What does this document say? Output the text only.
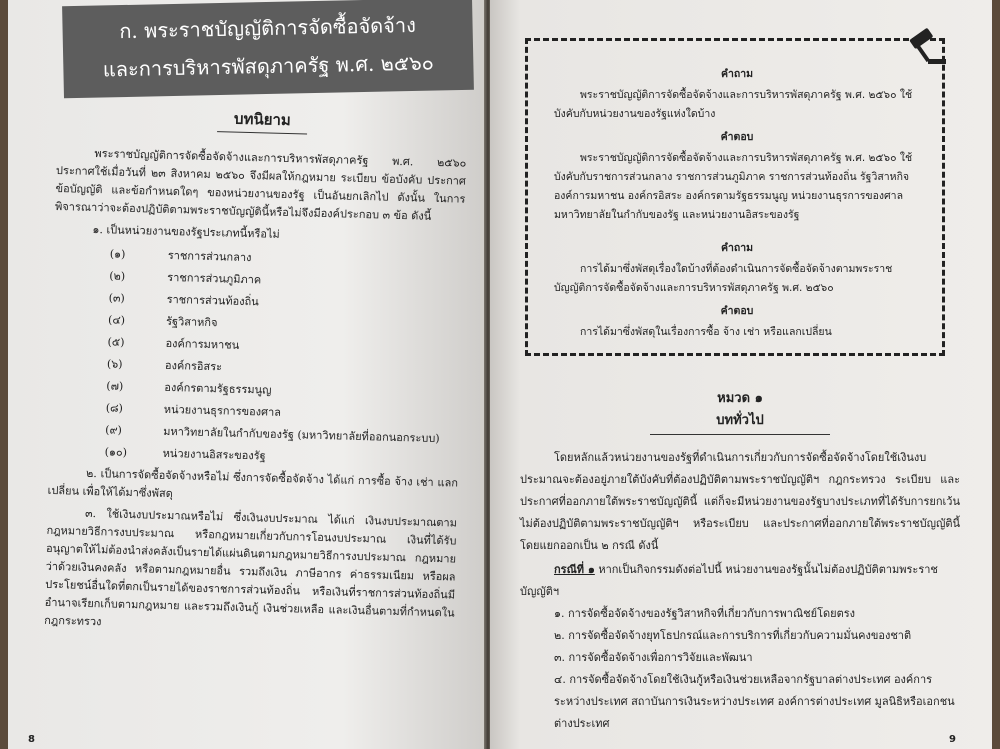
ก. พระราชบัญญัติการจัดซื้อจัดจ้าง
และการบริหารพัสดุภาครัฐ พ.ศ. ๒๕๖๐
บทนิยาม

พระราชบัญญัติการจัดซื้อจัดจ้างและการบริหารพัสดุภาครัฐ พ.ศ. ๒๕๖๐ ประกาศใช้เมื่อวันที่ ๒๓ สิงหาคม ๒๕๖๐ จึงมีผลให้กฎหมาย ระเบียบ ข้อบังคับ ประกาศ ข้อบัญญัติ และข้อกำหนดใดๆ ของหน่วยงานของรัฐ เป็นอันยกเลิกไป ดังนั้น ในการพิจารณาว่าจะต้องปฏิบัติตามพระราชบัญญัตินี้หรือไม่จึงมีองค์ประกอบ ๓ ข้อ ดังนี้

๑. เป็นหน่วยงานของรัฐประเภทนี้หรือไม่
(๑)	ราชการส่วนกลาง
(๒)	ราชการส่วนภูมิภาค
(๓)	ราชการส่วนท้องถิ่น
(๔)	รัฐวิสาหกิจ
(๕)	องค์การมหาชน
(๖)	องค์กรอิสระ
(๗)	องค์กรตามรัฐธรรมนูญ
(๘)	หน่วยงานธุรการของศาล
(๙)	มหาวิทยาลัยในกำกับของรัฐ (มหาวิทยาลัยที่ออกนอกระบบ)
(๑๐)	หน่วยงานอิสระของรัฐ

๒. เป็นการจัดซื้อจัดจ้างหรือไม่ ซึ่งการจัดซื้อจัดจ้าง ได้แก่ การซื้อ จ้าง เช่า แลกเปลี่ยน เพื่อให้ได้มาซึ่งพัสดุ

๓. ใช้เงินงบประมาณหรือไม่ ซึ่งเงินงบประมาณ ได้แก่ เงินงบประมาณตามกฎหมายวิธีการงบประมาณ หรือกฎหมายเกี่ยวกับการโอนงบประมาณ เงินที่ได้รับอนุญาตให้ไม่ต้องนำส่งคลังเป็นรายได้แผ่นดินตามกฎหมายวิธีการงบประมาณ กฎหมายว่าด้วยเงินคงคลัง หรือตามกฎหมายอื่น รวมถึงเงิน ภาษีอากร ค่าธรรมเนียม หรือผลประโยชน์อื่นใดที่ตกเป็นรายได้ของราชการส่วนท้องถิ่น หรือเงินที่ราชการส่วนท้องถิ่นมีอำนาจเรียกเก็บตามกฎหมาย และรวมถึงเงินกู้ เงินช่วยเหลือ และเงินอื่นตามที่กำหนดในกฎกระทรวง

8
คำถาม

พระราชบัญญัติการจัดซื้อจัดจ้างและการบริหารพัสดุภาครัฐ พ.ศ. ๒๕๖๐ ใช้บังคับกับหน่วยงานของรัฐแห่งใดบ้าง

คำตอบ

พระราชบัญญัติการจัดซื้อจัดจ้างและการบริหารพัสดุภาครัฐ พ.ศ. ๒๕๖๐ ใช้บังคับกับราชการส่วนกลาง ราชการส่วนภูมิภาค ราชการส่วนท้องถิ่น รัฐวิสาหกิจ องค์การมหาชน องค์กรอิสระ องค์กรตามรัฐธรรมนูญ หน่วยงานธุรการของศาล มหาวิทยาลัยในกำกับของรัฐ และหน่วยงานอิสระของรัฐ

คำถาม

การได้มาซึ่งพัสดุเรื่องใดบ้างที่ต้องดำเนินการจัดซื้อจัดจ้างตามพระราชบัญญัติการจัดซื้อจัดจ้างและการบริหารพัสดุภาครัฐ พ.ศ. ๒๕๖๐

คำตอบ

การได้มาซึ่งพัสดุในเรื่องการซื้อ จ้าง เช่า หรือแลกเปลี่ยน

หมวด ๑
บททั่วไป

โดยหลักแล้วหน่วยงานของรัฐที่ดำเนินการเกี่ยวกับการจัดซื้อจัดจ้างโดยใช้เงินงบประมาณจะต้องอยู่ภายใต้บังคับที่ต้องปฏิบัติตามพระราชบัญญัติฯ กฎกระทรวง ระเบียบ และประกาศที่ออกภายใต้พระราชบัญญัตินี้ แต่ก็จะมีหน่วยงานของรัฐบางประเภทที่ได้รับการยกเว้นไม่ต้องปฏิบัติตามพระราชบัญญัติฯ หรือระเบียบ และประกาศที่ออกภายใต้พระราชบัญญัตินี้ โดยแยกออกเป็น ๒ กรณี ดังนี้

กรณีที่ ๑ หากเป็นกิจกรรมดังต่อไปนี้ หน่วยงานของรัฐนั้นไม่ต้องปฏิบัติตามพระราชบัญญัติฯ

๑. การจัดซื้อจัดจ้างของรัฐวิสาหกิจที่เกี่ยวกับการพาณิชย์โดยตรง

๒. การจัดซื้อจัดจ้างยุทโธปกรณ์และการบริการที่เกี่ยวกับความมั่นคงของชาติ

๓. การจัดซื้อจัดจ้างเพื่อการวิจัยและพัฒนา

๔. การจัดซื้อจัดจ้างโดยใช้เงินกู้หรือเงินช่วยเหลือจากรัฐบาลต่างประเทศ องค์การระหว่างประเทศ สถาบันการเงินระหว่างประเทศ องค์การต่างประเทศ มูลนิธิหรือเอกชนต่างประเทศ

9
